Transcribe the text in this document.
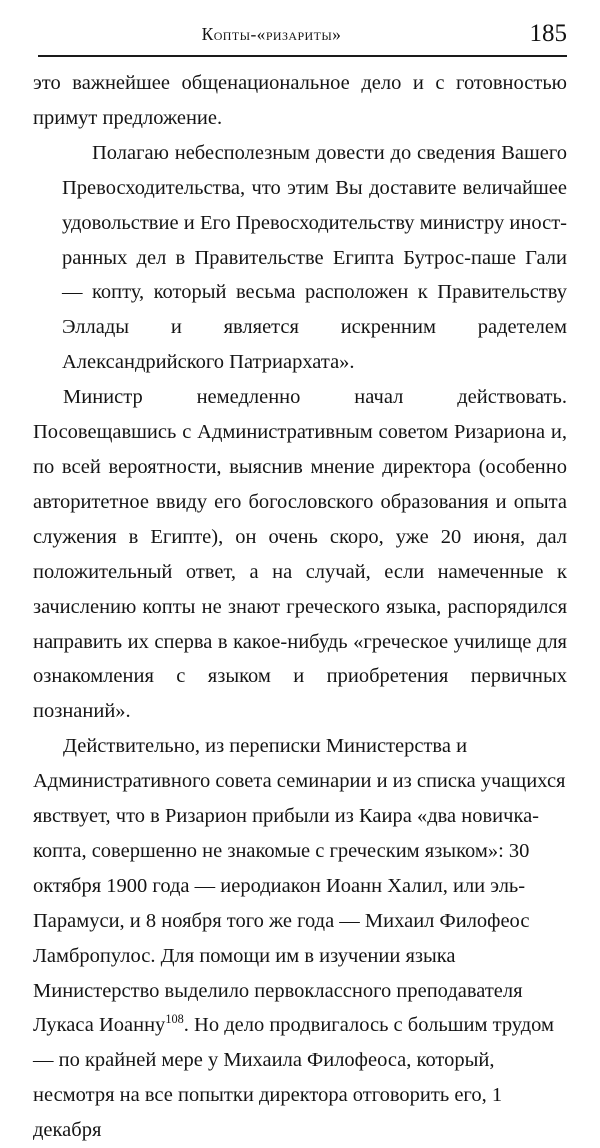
Копты-«ризариты»	185

это важнейшее общенациональное дело и с готовностью примут предложение.

Полагаю небесполезным довести до сведения Вашего Превосходительства, что этим Вы доставите величайшее удовольствие и Его Превосходительству министру иностранных дел в Правительстве Египта Бутрос-паше Гали — копту, который весьма расположен к Правительству Эллады и является искренним радетелем Александрийского Патриархата».

Министр немедленно начал действовать. Посовещавшись с Административным советом Ризариона и, по всей вероятности, выяснив мнение директора (особенно авторитетное ввиду его богословского образования и опыта служения в Египте), он очень скоро, уже 20 июня, дал положительный ответ, а на случай, если намеченные к зачислению копты не знают греческого языка, распорядился направить их сперва в какое-нибудь «греческое училище для ознакомления с языком и приобретения первичных познаний».

Действительно, из переписки Министерства и Административного совета семинарии и из списка учащихся явствует, что в Ризарион прибыли из Каира «два новичка-копта, совершенно не знакомые с греческим языком»: 30 октября 1900 года — иеродиакон Иоанн Халил, или эль-Парамуси, и 8 ноября того же года — Михаил Филофеос Ламбропулос. Для помощи им в изучении языка Министерство выделило первоклассного преподавателя Лукаса Иоанну$^{108}$. Но дело продвигалось с большим трудом — по крайней мере у Михаила Филофеоса, который, несмотря на все попытки директора отговорить его, 1 декабря
